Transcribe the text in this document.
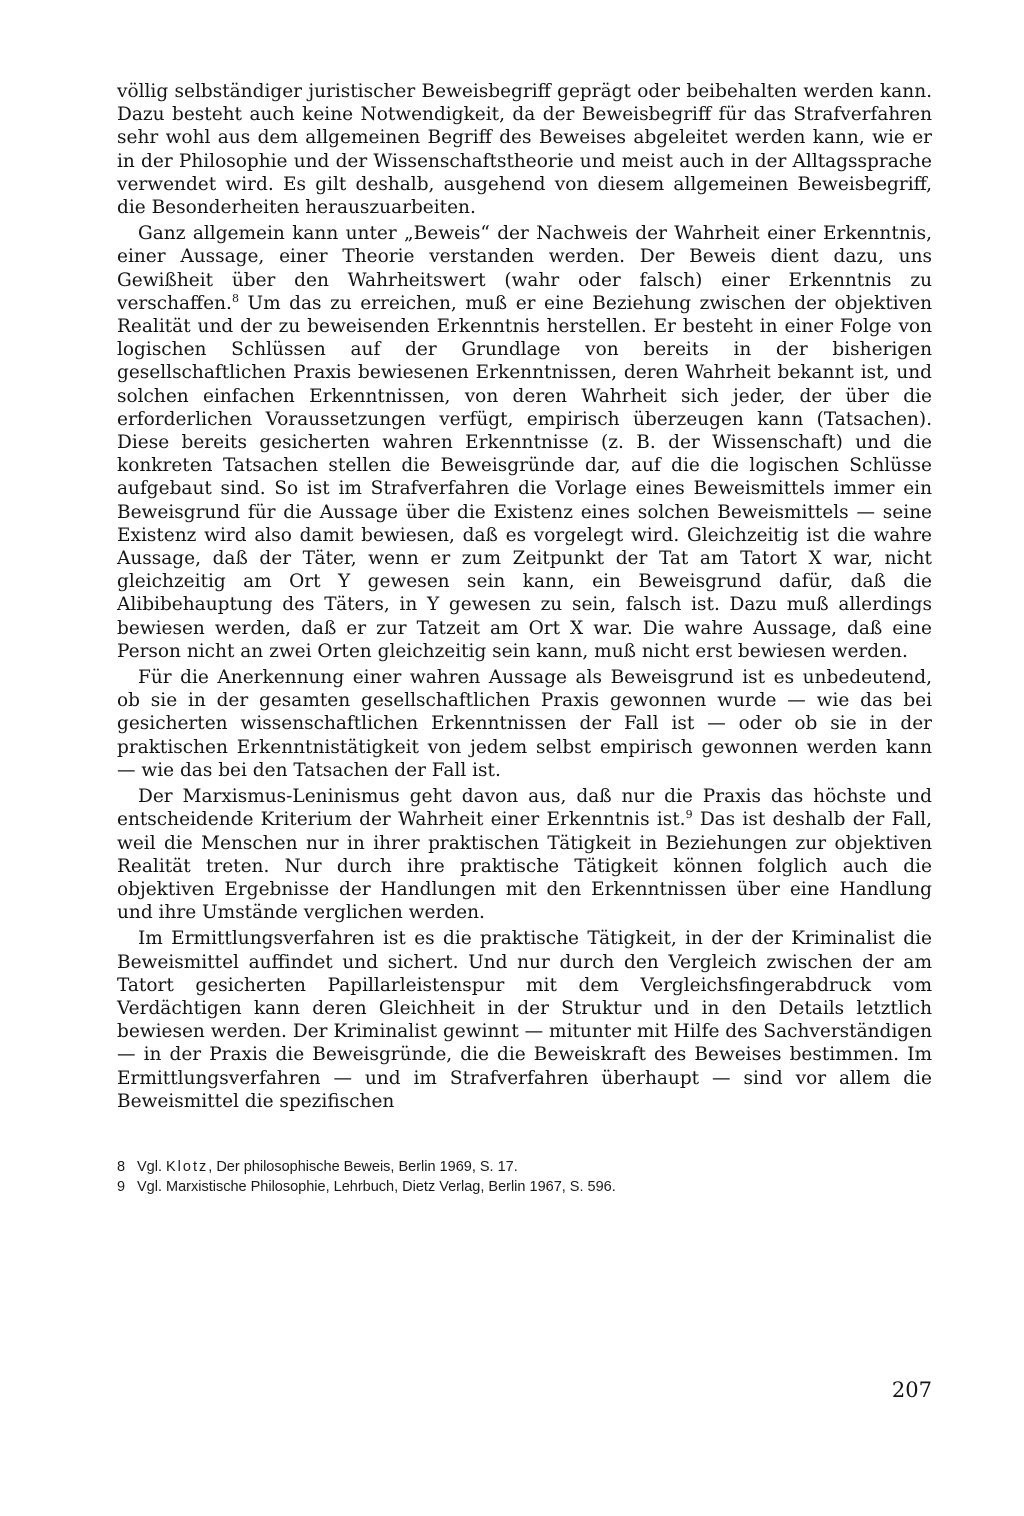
völlig selbständiger juristischer Beweisbegriff geprägt oder beibehalten werden kann. Dazu besteht auch keine Notwendigkeit, da der Beweisbegriff für das Strafverfahren sehr wohl aus dem allgemeinen Begriff des Beweises abgeleitet werden kann, wie er in der Philosophie und der Wissenschaftstheorie und meist auch in der Alltagssprache verwendet wird. Es gilt deshalb, ausgehend von diesem allgemeinen Beweisbegriff, die Besonderheiten herauszuarbeiten.

Ganz allgemein kann unter „Beweis“ der Nachweis der Wahrheit einer Erkenntnis, einer Aussage, einer Theorie verstanden werden. Der Beweis dient dazu, uns Gewißheit über den Wahrheitswert (wahr oder falsch) einer Erkenntnis zu verschaffen.$^8$ Um das zu erreichen, muß er eine Beziehung zwischen der objektiven Realität und der zu beweisenden Erkenntnis herstellen. Er besteht in einer Folge von logischen Schlüssen auf der Grundlage von bereits in der bisherigen gesellschaftlichen Praxis bewiesenen Erkenntnissen, deren Wahrheit bekannt ist, und solchen einfachen Erkenntnissen, von deren Wahrheit sich jeder, der über die erforderlichen Voraussetzungen verfügt, empirisch überzeugen kann (Tatsachen). Diese bereits gesicherten wahren Erkenntnisse (z. B. der Wissenschaft) und die konkreten Tatsachen stellen die Beweisgründe dar, auf die die logischen Schlüsse aufgebaut sind. So ist im Strafverfahren die Vorlage eines Beweismittels immer ein Beweisgrund für die Aussage über die Existenz eines solchen Beweismittels — seine Existenz wird also damit bewiesen, daß es vorgelegt wird. Gleichzeitig ist die wahre Aussage, daß der Täter, wenn er zum Zeitpunkt der Tat am Tatort X war, nicht gleichzeitig am Ort Y gewesen sein kann, ein Beweisgrund dafür, daß die Alibibehauptung des Täters, in Y gewesen zu sein, falsch ist. Dazu muß allerdings bewiesen werden, daß er zur Tatzeit am Ort X war. Die wahre Aussage, daß eine Person nicht an zwei Orten gleichzeitig sein kann, muß nicht erst bewiesen werden.

Für die Anerkennung einer wahren Aussage als Beweisgrund ist es unbedeutend, ob sie in der gesamten gesellschaftlichen Praxis gewonnen wurde — wie das bei gesicherten wissenschaftlichen Erkenntnissen der Fall ist — oder ob sie in der praktischen Erkenntnistätigkeit von jedem selbst empirisch gewonnen werden kann — wie das bei den Tatsachen der Fall ist.

Der Marxismus-Leninismus geht davon aus, daß nur die Praxis das höchste und entscheidende Kriterium der Wahrheit einer Erkenntnis ist.$^9$ Das ist deshalb der Fall, weil die Menschen nur in ihrer praktischen Tätigkeit in Beziehungen zur objektiven Realität treten. Nur durch ihre praktische Tätigkeit können folglich auch die objektiven Ergebnisse der Handlungen mit den Erkenntnissen über eine Handlung und ihre Umstände verglichen werden.

Im Ermittlungsverfahren ist es die praktische Tätigkeit, in der der Kriminalist die Beweismittel auffindet und sichert. Und nur durch den Vergleich zwischen der am Tatort gesicherten Papillarleistenspur mit dem Vergleichsfingerabdruck vom Verdächtigen kann deren Gleichheit in der Struktur und in den Details letztlich bewiesen werden. Der Kriminalist gewinnt — mitunter mit Hilfe des Sachverständigen — in der Praxis die Beweisgründe, die die Beweiskraft des Beweises bestimmen. Im Ermittlungsverfahren — und im Strafverfahren überhaupt — sind vor allem die Beweismittel die spezifischen

8 Vgl. Klotz, Der philosophische Beweis, Berlin 1969, S. 17.
9 Vgl. Marxistische Philosophie, Lehrbuch, Dietz Verlag, Berlin 1967, S. 596.
207
